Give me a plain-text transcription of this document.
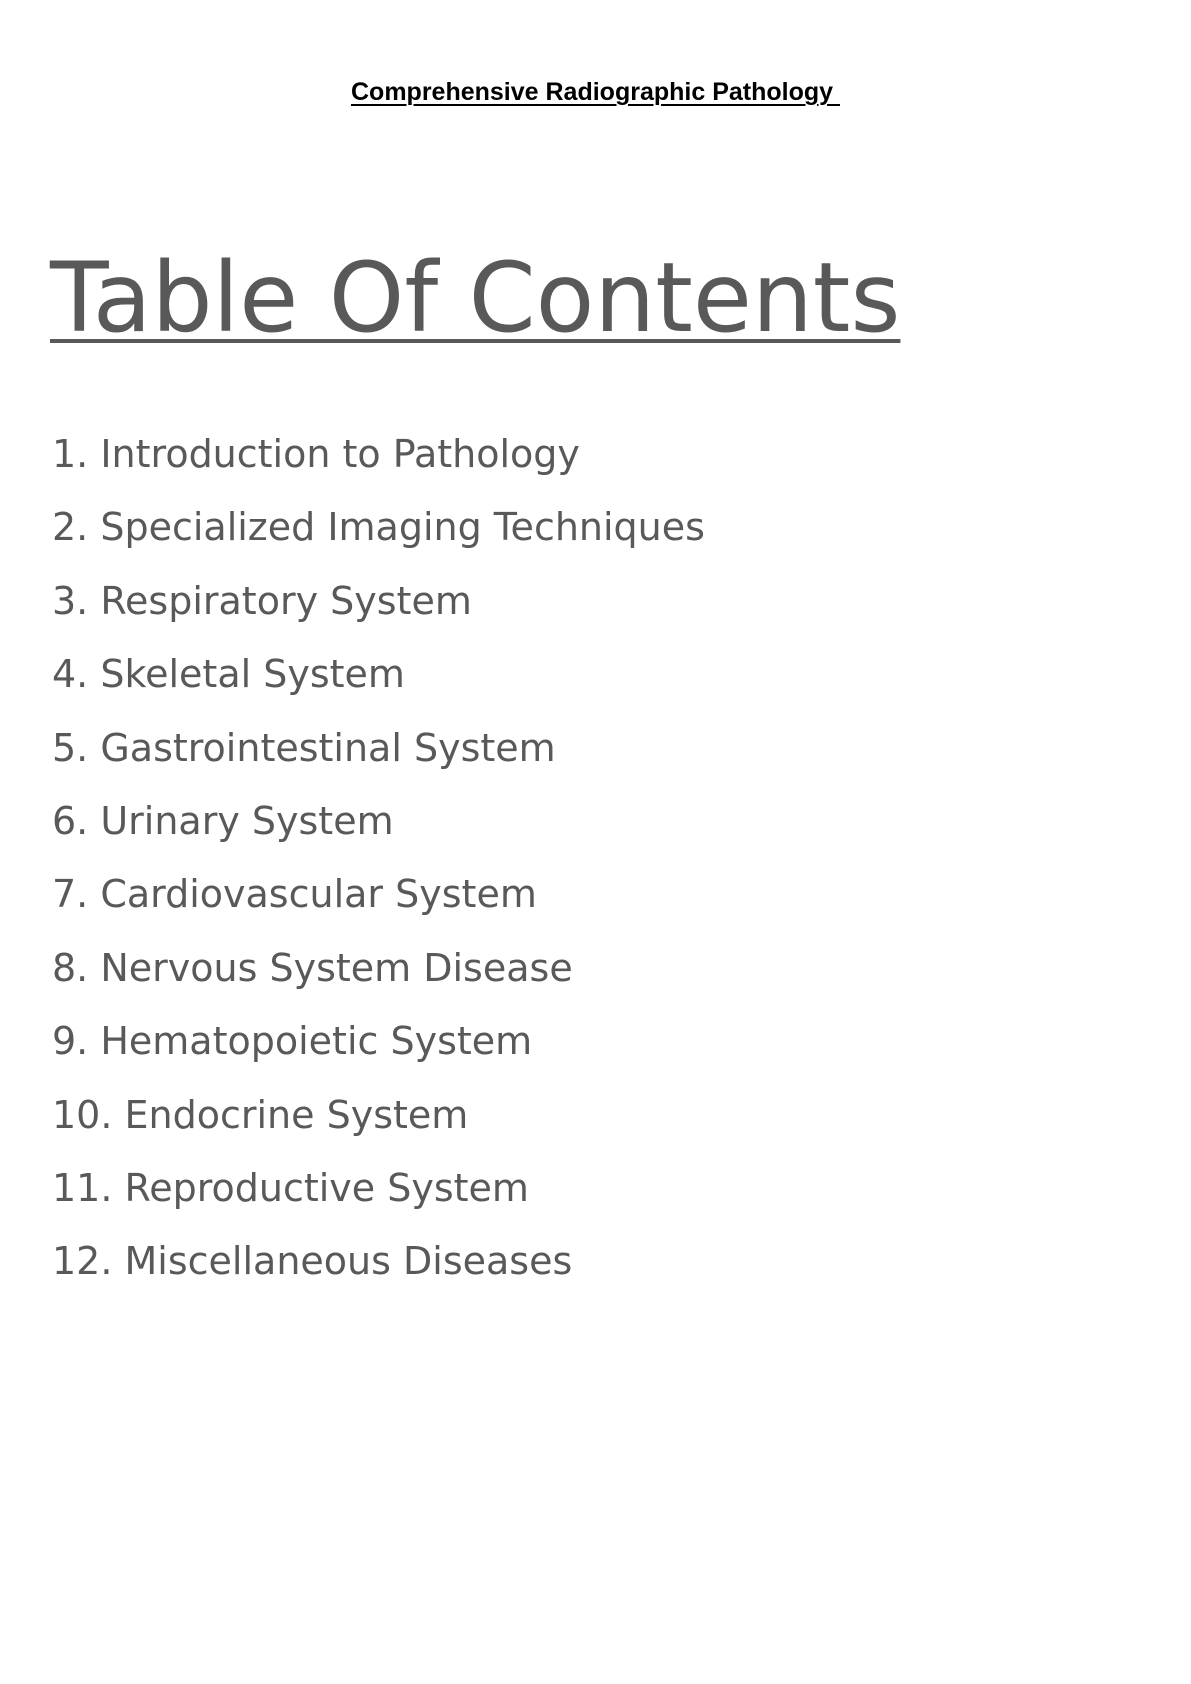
Comprehensive Radiographic Pathology
Table Of Contents
1. Introduction to Pathology
2. Specialized Imaging Techniques
3. Respiratory System
4. Skeletal System
5. Gastrointestinal System
6. Urinary System
7. Cardiovascular System
8. Nervous System Disease
9. Hematopoietic System
10. Endocrine System
11. Reproductive System
12. Miscellaneous Diseases
